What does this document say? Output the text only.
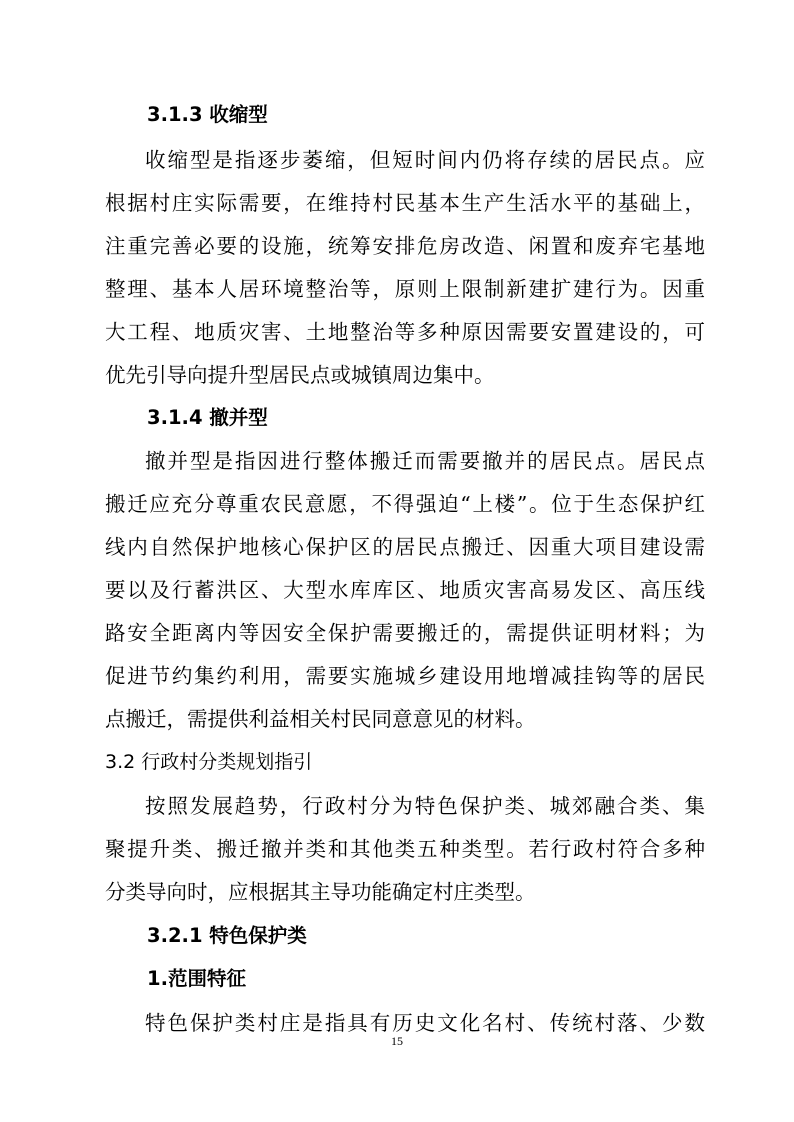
3.1.3 收缩型
收缩型是指逐步萎缩，但短时间内仍将存续的居民点。应
根据村庄实际需要，在维持村民基本生产生活水平的基础上，
注重完善必要的设施，统筹安排危房改造、闲置和废弃宅基地
整理、基本人居环境整治等，原则上限制新建扩建行为。因重
大工程、地质灾害、土地整治等多种原因需要安置建设的，可
优先引导向提升型居民点或城镇周边集中。
3.1.4 撤并型
撤并型是指因进行整体搬迁而需要撤并的居民点。居民点
搬迁应充分尊重农民意愿，不得强迫“上楼”。位于生态保护红
线内自然保护地核心保护区的居民点搬迁、因重大项目建设需
要以及行蓄洪区、大型水库库区、地质灾害高易发区、高压线
路安全距离内等因安全保护需要搬迁的，需提供证明材料；为
促进节约集约利用，需要实施城乡建设用地增减挂钩等的居民
点搬迁，需提供利益相关村民同意意见的材料。
3.2 行政村分类规划指引
按照发展趋势，行政村分为特色保护类、城郊融合类、集
聚提升类、搬迁撤并类和其他类五种类型。若行政村符合多种
分类导向时，应根据其主导功能确定村庄类型。
3.2.1 特色保护类
1.范围特征
特色保护类村庄是指具有历史文化名村、传统村落、少数
15
